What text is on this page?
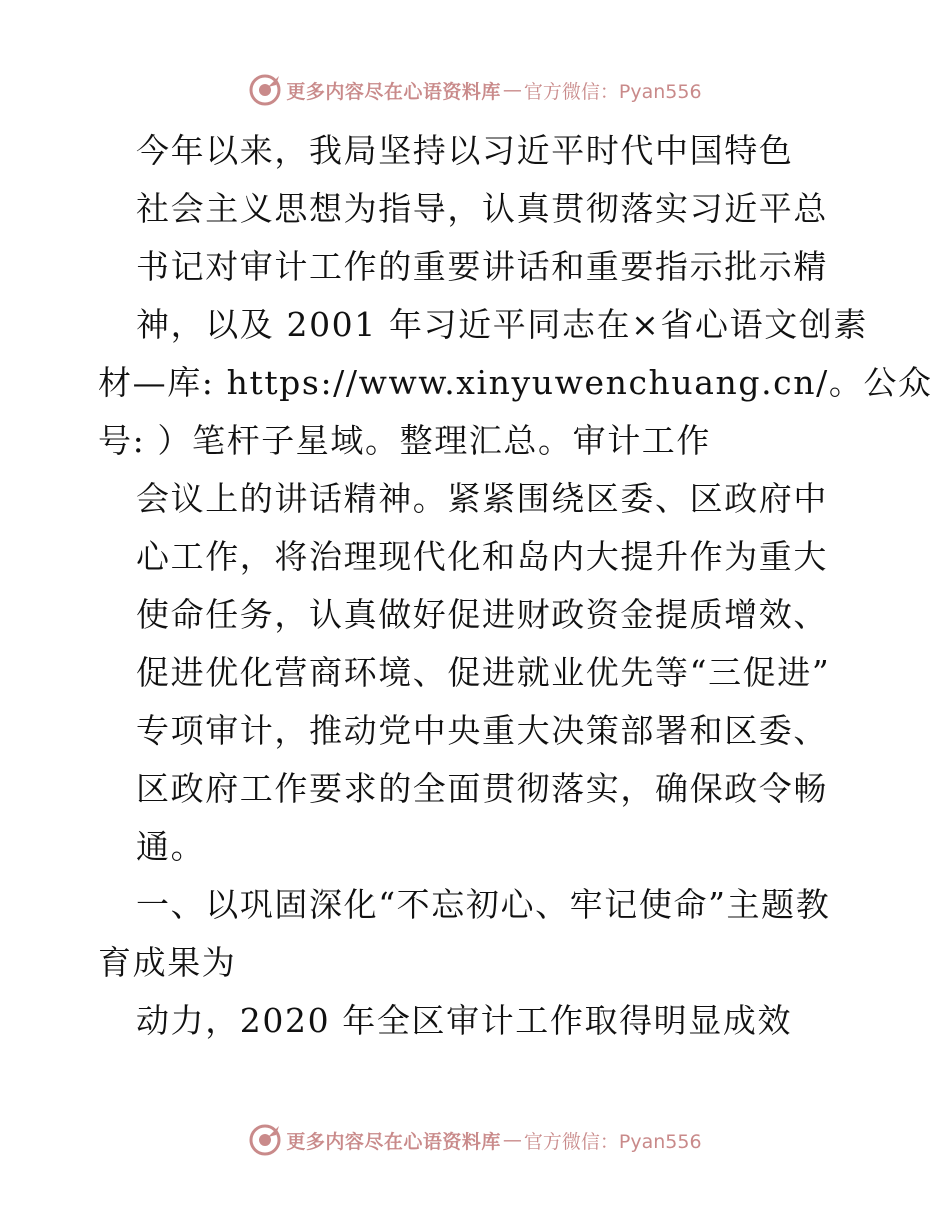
更多内容尽在心语资料库 — 官方微信：Pyan556
今年以来，我局坚持以习近平时代中国特色
社会主义思想为指导，认真贯彻落实习近平总
书记对审计工作的重要讲话和重要指示批示精
神，以及 2001 年习近平同志在×省心语文创素
材—库: https://www.xinyuwenchuang.cn/。公众
号: ）笔杆子星域。整理汇总。审计工作
会议上的讲话精神。紧紧围绕区委、区政府中
心工作，将治理现代化和岛内大提升作为重大
使命任务，认真做好促进财政资金提质增效、
促进优化营商环境、促进就业优先等“三促进”
专项审计，推动党中央重大决策部署和区委、
区政府工作要求的全面贯彻落实，确保政令畅
通。
一、以巩固深化“不忘初心、牢记使命”主题教
育成果为
动力，2020 年全区审计工作取得明显成效
更多内容尽在心语资料库 — 官方微信：Pyan556
